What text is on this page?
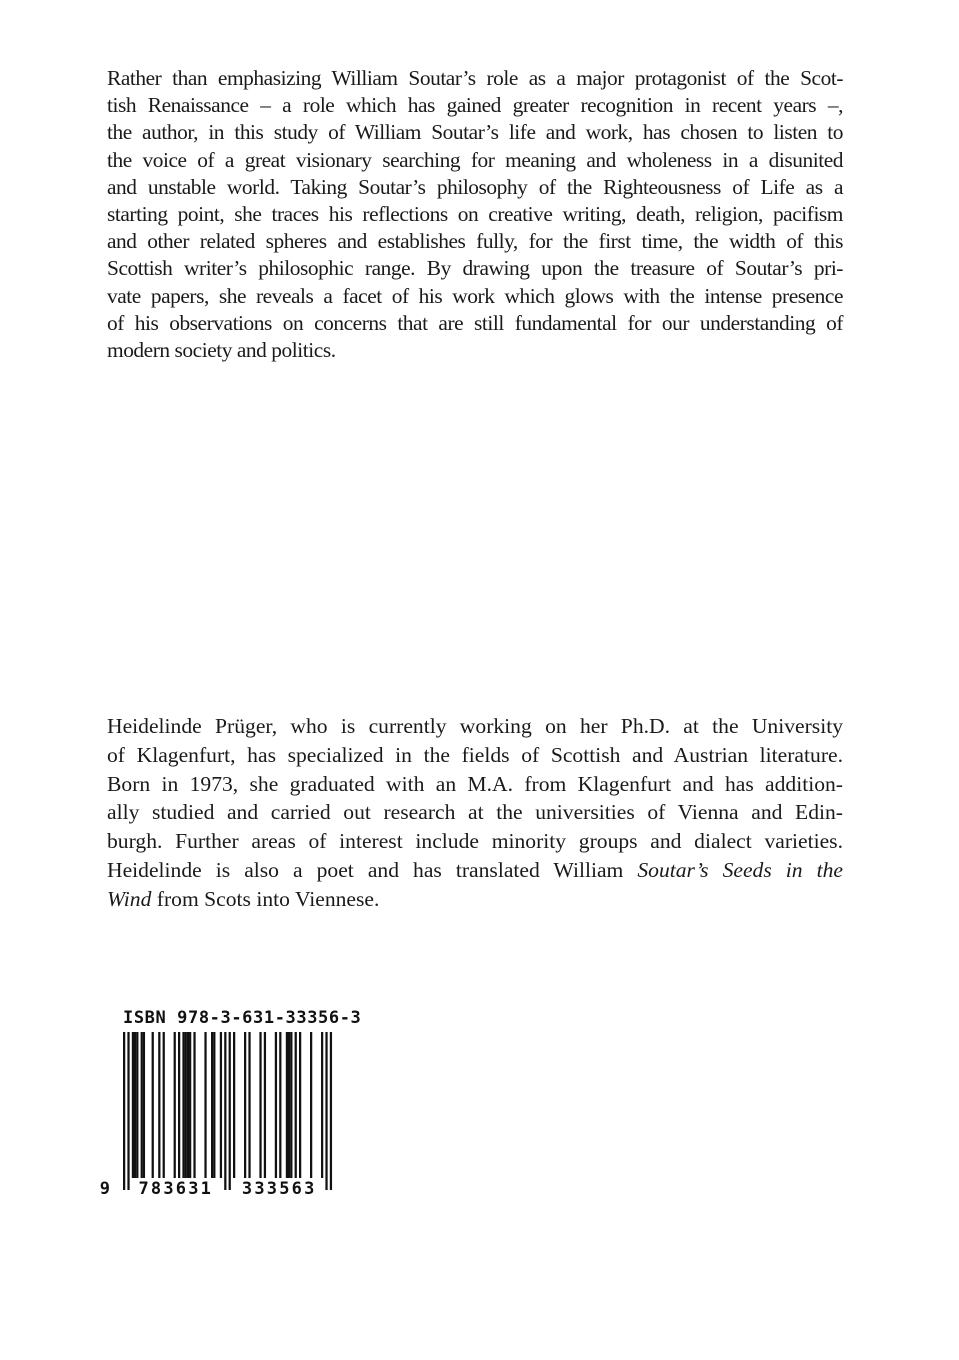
Rather than emphasizing William Soutar’s role as a major protagonist of the Scot-
tish Renaissance – a role which has gained greater recognition in recent years –,
the author, in this study of William Soutar’s life and work, has chosen to listen to
the voice of a great visionary searching for meaning and wholeness in a disunited
and unstable world. Taking Soutar’s philosophy of the Righteousness of Life as a
starting point, she traces his reflections on creative writing, death, religion, pacifism
and other related spheres and establishes fully, for the first time, the width of this
Scottish writer’s philosophic range. By drawing upon the treasure of Soutar’s pri-
vate papers, she reveals a facet of his work which glows with the intense presence
of his observations on concerns that are still fundamental for our understanding of
modern society and politics.
Heidelinde Prüger, who is currently working on her Ph.D. at the University
of Klagenfurt, has specialized in the fields of Scottish and Austrian literature.
Born in 1973, she graduated with an M.A. from Klagenfurt and has addition-
ally studied and carried out research at the universities of Vienna and Edin-
burgh. Further areas of interest include minority groups and dialect varieties.
Heidelinde is also a poet and has translated William Soutar’s Seeds in the
Wind from Scots into Viennese.
ISBN 978-3-631-33356-3
9 783631 333563
